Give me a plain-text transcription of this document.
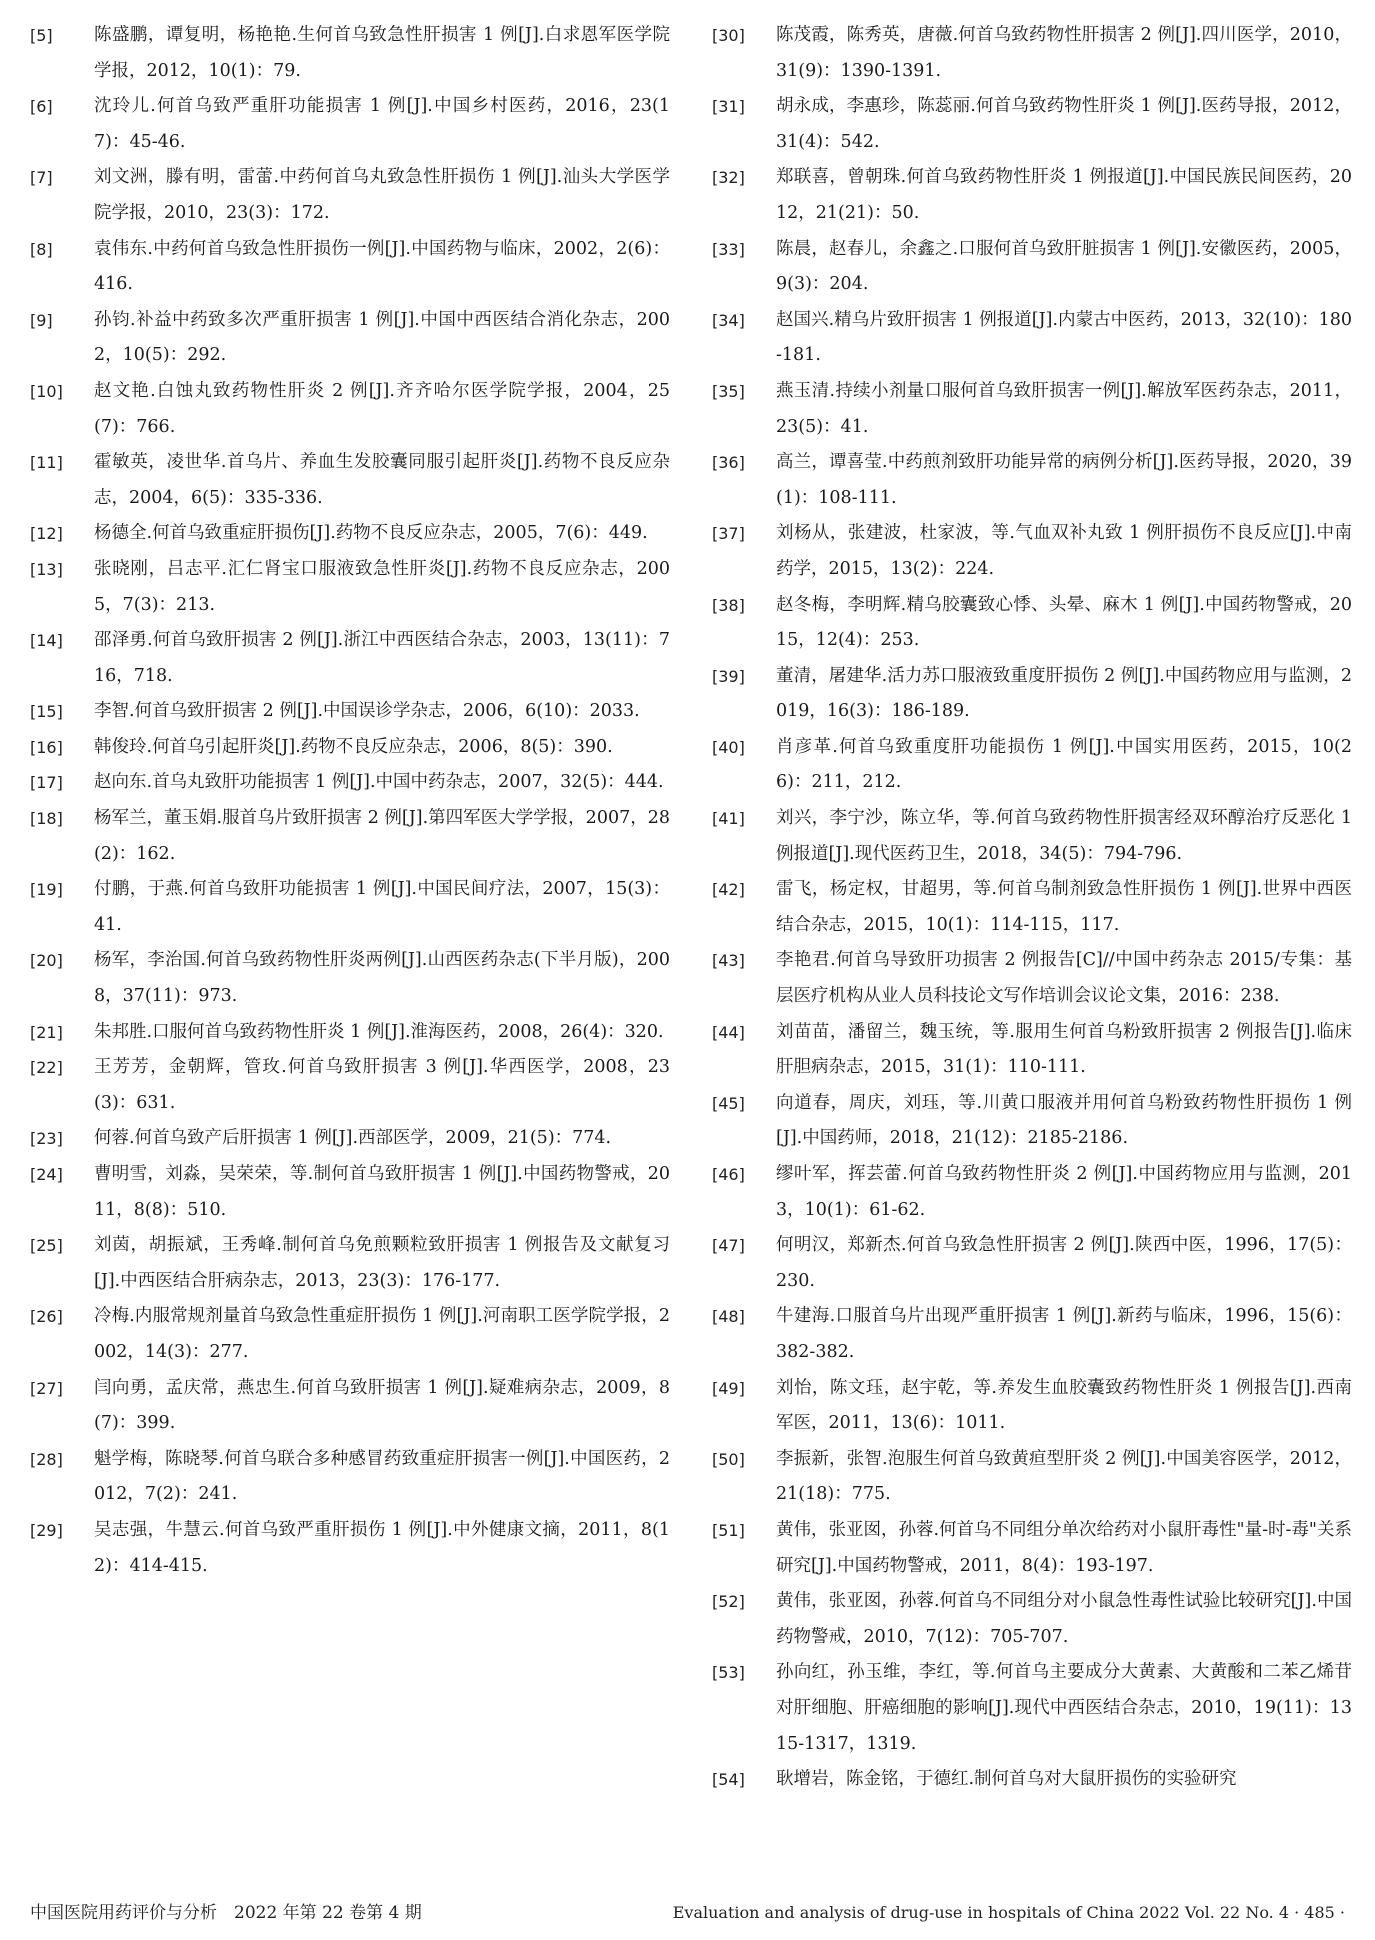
[5]	陈盛鹏，谭复明，杨艳艳.生何首乌致急性肝损害 1 例[J].白求恩军医学院学报，2012，10(1)：79.
[6]	沈玲儿.何首乌致严重肝功能损害 1 例[J].中国乡村医药，2016，23(17)：45-46.
[7]	刘文洲，滕有明，雷蕾.中药何首乌丸致急性肝损伤 1 例[J].汕头大学医学院学报，2010，23(3)：172.
[8]	袁伟东.中药何首乌致急性肝损伤一例[J].中国药物与临床，2002，2(6)：416.
[9]	孙钧.补益中药致多次严重肝损害 1 例[J].中国中西医结合消化杂志，2002，10(5)：292.
[10]	赵文艳.白蚀丸致药物性肝炎 2 例[J].齐齐哈尔医学院学报，2004，25(7)：766.
[11]	霍敏英，凌世华.首乌片、养血生发胶囊同服引起肝炎[J].药物不良反应杂志，2004，6(5)：335-336.
[12]	杨德全.何首乌致重症肝损伤[J].药物不良反应杂志，2005，7(6)：449.
[13]	张晓刚，吕志平.汇仁肾宝口服液致急性肝炎[J].药物不良反应杂志，2005，7(3)：213.
[14]	邵泽勇.何首乌致肝损害 2 例[J].浙江中西医结合杂志，2003，13(11)：716，718.
[15]	李智.何首乌致肝损害 2 例[J].中国误诊学杂志，2006，6(10)：2033.
[16]	韩俊玲.何首乌引起肝炎[J].药物不良反应杂志，2006，8(5)：390.
[17]	赵向东.首乌丸致肝功能损害 1 例[J].中国中药杂志，2007，32(5)：444.
[18]	杨军兰，董玉娟.服首乌片致肝损害 2 例[J].第四军医大学学报，2007，28(2)：162.
[19]	付鹏，于燕.何首乌致肝功能损害 1 例[J].中国民间疗法，2007，15(3)：41.
[20]	杨军，李治国.何首乌致药物性肝炎两例[J].山西医药杂志(下半月版)，2008，37(11)：973.
[21]	朱邦胜.口服何首乌致药物性肝炎 1 例[J].淮海医药，2008，26(4)：320.
[22]	王芳芳，金朝辉，管玫.何首乌致肝损害 3 例[J].华西医学，2008，23(3)：631.
[23]	何蓉.何首乌致产后肝损害 1 例[J].西部医学，2009，21(5)：774.
[24]	曹明雪，刘淼，吴荣荣，等.制何首乌致肝损害 1 例[J].中国药物警戒，2011，8(8)：510.
[25]	刘茵，胡振斌，王秀峰.制何首乌免煎颗粒致肝损害 1 例报告及文献复习[J].中西医结合肝病杂志，2013，23(3)：176-177.
[26]	冷梅.内服常规剂量首乌致急性重症肝损伤 1 例[J].河南职工医学院学报，2002，14(3)：277.
[27]	闫向勇，孟庆常，燕忠生.何首乌致肝损害 1 例[J].疑难病杂志，2009，8(7)：399.
[28]	魁学梅，陈晓琴.何首乌联合多种感冒药致重症肝损害一例[J].中国医药，2012，7(2)：241.
[29]	吴志强，牛慧云.何首乌致严重肝损伤 1 例[J].中外健康文摘，2011，8(12)：414-415.
[30]	陈茂霞，陈秀英，唐薇.何首乌致药物性肝损害 2 例[J].四川医学，2010，31(9)：1390-1391.
[31]	胡永成，李惠珍，陈蕊丽.何首乌致药物性肝炎 1 例[J].医药导报，2012，31(4)：542.
[32]	郑联喜，曾朝珠.何首乌致药物性肝炎 1 例报道[J].中国民族民间医药，2012，21(21)：50.
[33]	陈晨，赵春儿，余鑫之.口服何首乌致肝脏损害 1 例[J].安徽医药，2005，9(3)：204.
[34]	赵国兴.精乌片致肝损害 1 例报道[J].内蒙古中医药，2013，32(10)：180-181.
[35]	燕玉清.持续小剂量口服何首乌致肝损害一例[J].解放军医药杂志，2011，23(5)：41.
[36]	高兰，谭喜莹.中药煎剂致肝功能异常的病例分析[J].医药导报，2020，39(1)：108-111.
[37]	刘杨从，张建波，杜家波，等.气血双补丸致 1 例肝损伤不良反应[J].中南药学，2015，13(2)：224.
[38]	赵冬梅，李明辉.精乌胶囊致心悸、头晕、麻木 1 例[J].中国药物警戒，2015，12(4)：253.
[39]	董清，屠建华.活力苏口服液致重度肝损伤 2 例[J].中国药物应用与监测，2019，16(3)：186-189.
[40]	肖彦革.何首乌致重度肝功能损伤 1 例[J].中国实用医药，2015，10(26)：211，212.
[41]	刘兴，李宁沙，陈立华，等.何首乌致药物性肝损害经双环醇治疗反恶化 1 例报道[J].现代医药卫生，2018，34(5)：794-796.
[42]	雷飞，杨定权，甘超男，等.何首乌制剂致急性肝损伤 1 例[J].世界中西医结合杂志，2015，10(1)：114-115，117.
[43]	李艳君.何首乌导致肝功损害 2 例报告[C]//中国中药杂志 2015/专集：基层医疗机构从业人员科技论文写作培训会议论文集，2016：238.
[44]	刘苗苗，潘留兰，魏玉统，等.服用生何首乌粉致肝损害 2 例报告[J].临床肝胆病杂志，2015，31(1)：110-111.
[45]	向道春，周庆，刘珏，等.川黄口服液并用何首乌粉致药物性肝损伤 1 例[J].中国药师，2018，21(12)：2185-2186.
[46]	缪叶军，挥芸蕾.何首乌致药物性肝炎 2 例[J].中国药物应用与监测，2013，10(1)：61-62.
[47]	何明汉，郑新杰.何首乌致急性肝损害 2 例[J].陕西中医，1996，17(5)：230.
[48]	牛建海.口服首乌片出现严重肝损害 1 例[J].新药与临床，1996，15(6)：382-382.
[49]	刘怡，陈文珏，赵宇乾，等.养发生血胶囊致药物性肝炎 1 例报告[J].西南军医，2011，13(6)：1011.
[50]	李振新，张智.泡服生何首乌致黄疸型肝炎 2 例[J].中国美容医学，2012，21(18)：775.
[51]	黄伟，张亚囡，孙蓉.何首乌不同组分单次给药对小鼠肝毒性"量-时-毒"关系研究[J].中国药物警戒，2011，8(4)：193-197.
[52]	黄伟，张亚囡，孙蓉.何首乌不同组分对小鼠急性毒性试验比较研究[J].中国药物警戒，2010，7(12)：705-707.
[53]	孙向红，孙玉维，李红，等.何首乌主要成分大黄素、大黄酸和二苯乙烯苷对肝细胞、肝癌细胞的影响[J].现代中西医结合杂志，2010，19(11)：1315-1317，1319.
[54]	耿增岩，陈金铭，于德红.制何首乌对大鼠肝损伤的实验研究
中国医院用药评价与分析　2022 年第 22 卷第 4 期	Evaluation and analysis of drug-use in hospitals of China 2022 Vol. 22 No. 4 · 485 ·
